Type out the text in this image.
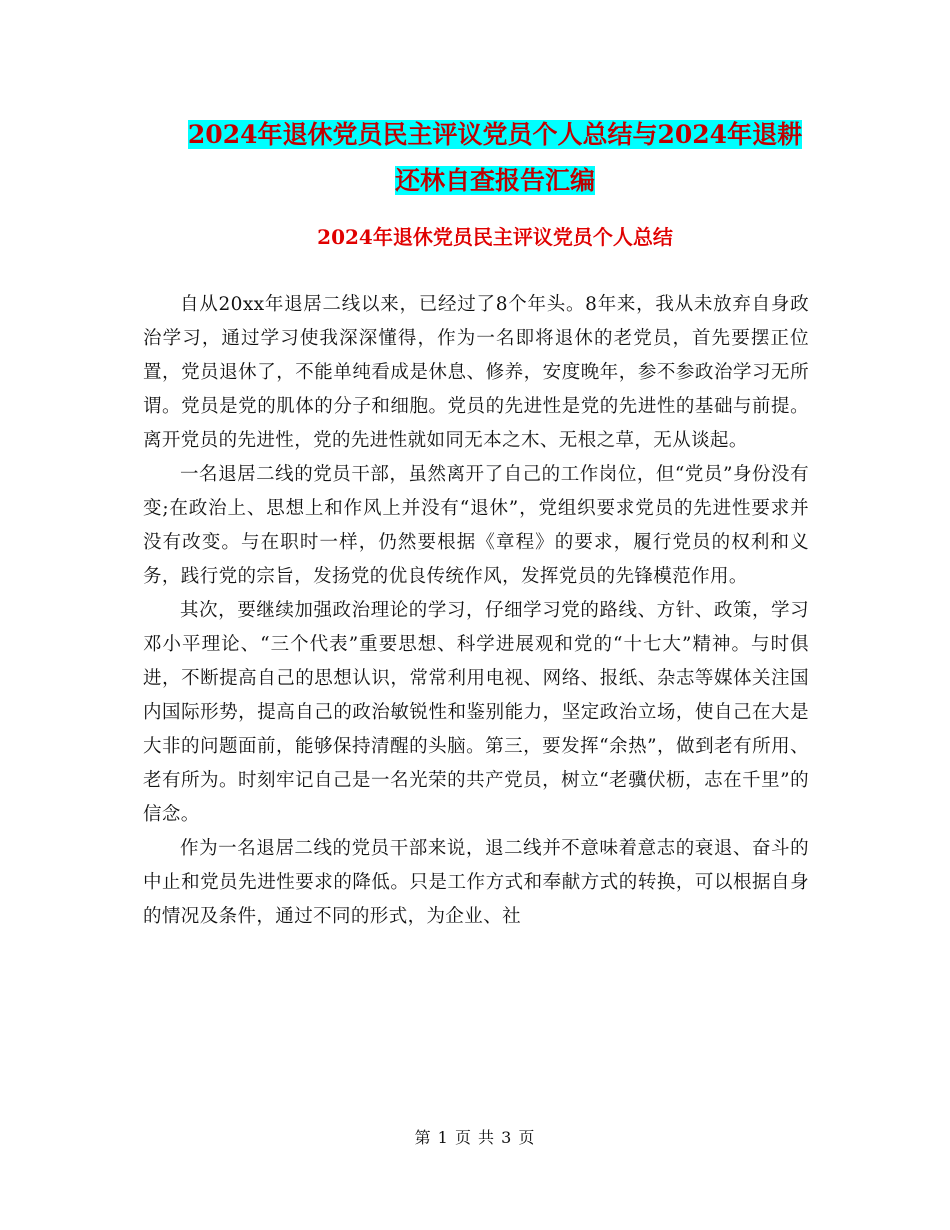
2024年退休党员民主评议党员个人总结与2024年退耕
还林自查报告汇编
2024年退休党员民主评议党员个人总结

自从20xx年退居二线以来，已经过了8个年头。8年来，我从未放弃自身政治学习，通过学习使我深深懂得，作为一名即将退休的老党员，首先要摆正位置，党员退休了，不能单纯看成是休息、修养，安度晚年，参不参政治学习无所谓。党员是党的肌体的分子和细胞。党员的先进性是党的先进性的基础与前提。离开党员的先进性，党的先进性就如同无本之木、无根之草，无从谈起。

一名退居二线的党员干部，虽然离开了自己的工作岗位，但“党员”身份没有变;在政治上、思想上和作风上并没有“退休”，党组织要求党员的先进性要求并没有改变。与在职时一样，仍然要根据《章程》的要求，履行党员的权利和义务，践行党的宗旨，发扬党的优良传统作风，发挥党员的先锋模范作用。

其次，要继续加强政治理论的学习，仔细学习党的路线、方针、政策，学习邓小平理论、“三个代表”重要思想、科学进展观和党的“十七大”精神。与时俱进，不断提高自己的思想认识，常常利用电视、网络、报纸、杂志等媒体关注国内国际形势，提高自己的政治敏锐性和鉴别能力，坚定政治立场，使自己在大是大非的问题面前，能够保持清醒的头脑。第三，要发挥“余热”，做到老有所用、老有所为。时刻牢记自己是一名光荣的共产党员，树立“老骥伏枥，志在千里”的信念。

作为一名退居二线的党员干部来说，退二线并不意味着意志的衰退、奋斗的中止和党员先进性要求的降低。只是工作方式和奉献方式的转换，可以根据自身的情况及条件，通过不同的形式，为企业、社

第 1 页 共 3 页
